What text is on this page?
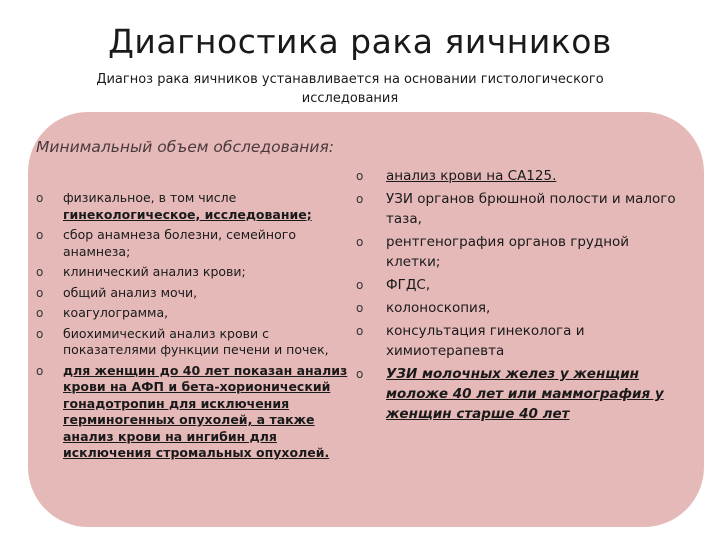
Диагностика рака яичников
Диагноз рака яичников устанавливается на основании гистологического исследования
Минимальный объем обследования:
o физикальное, в том числе гинекологическое, исследование;
o сбор анамнеза болезни, семейного анамнеза;
o клинический анализ крови;
o общий анализ мочи,
o коагулограмма,
o биохимический анализ крови с показателями функции печени и почек,
o для женщин до 40 лет показан анализ крови на АФП и бета-хорионический гонадотропин для исключения герминогенных опухолей, а также анализ крови на ингибин для исключения стромальных опухолей.
o анализ крови на СА125.
o УЗИ органов брюшной полости и малого таза,
o рентгенография органов грудной клетки;
o ФГДС,
o колоноскопия,
o консультация гинеколога и химиотерапевта
o УЗИ молочных желез у женщин моложе 40 лет или маммография у женщин старше 40 лет
